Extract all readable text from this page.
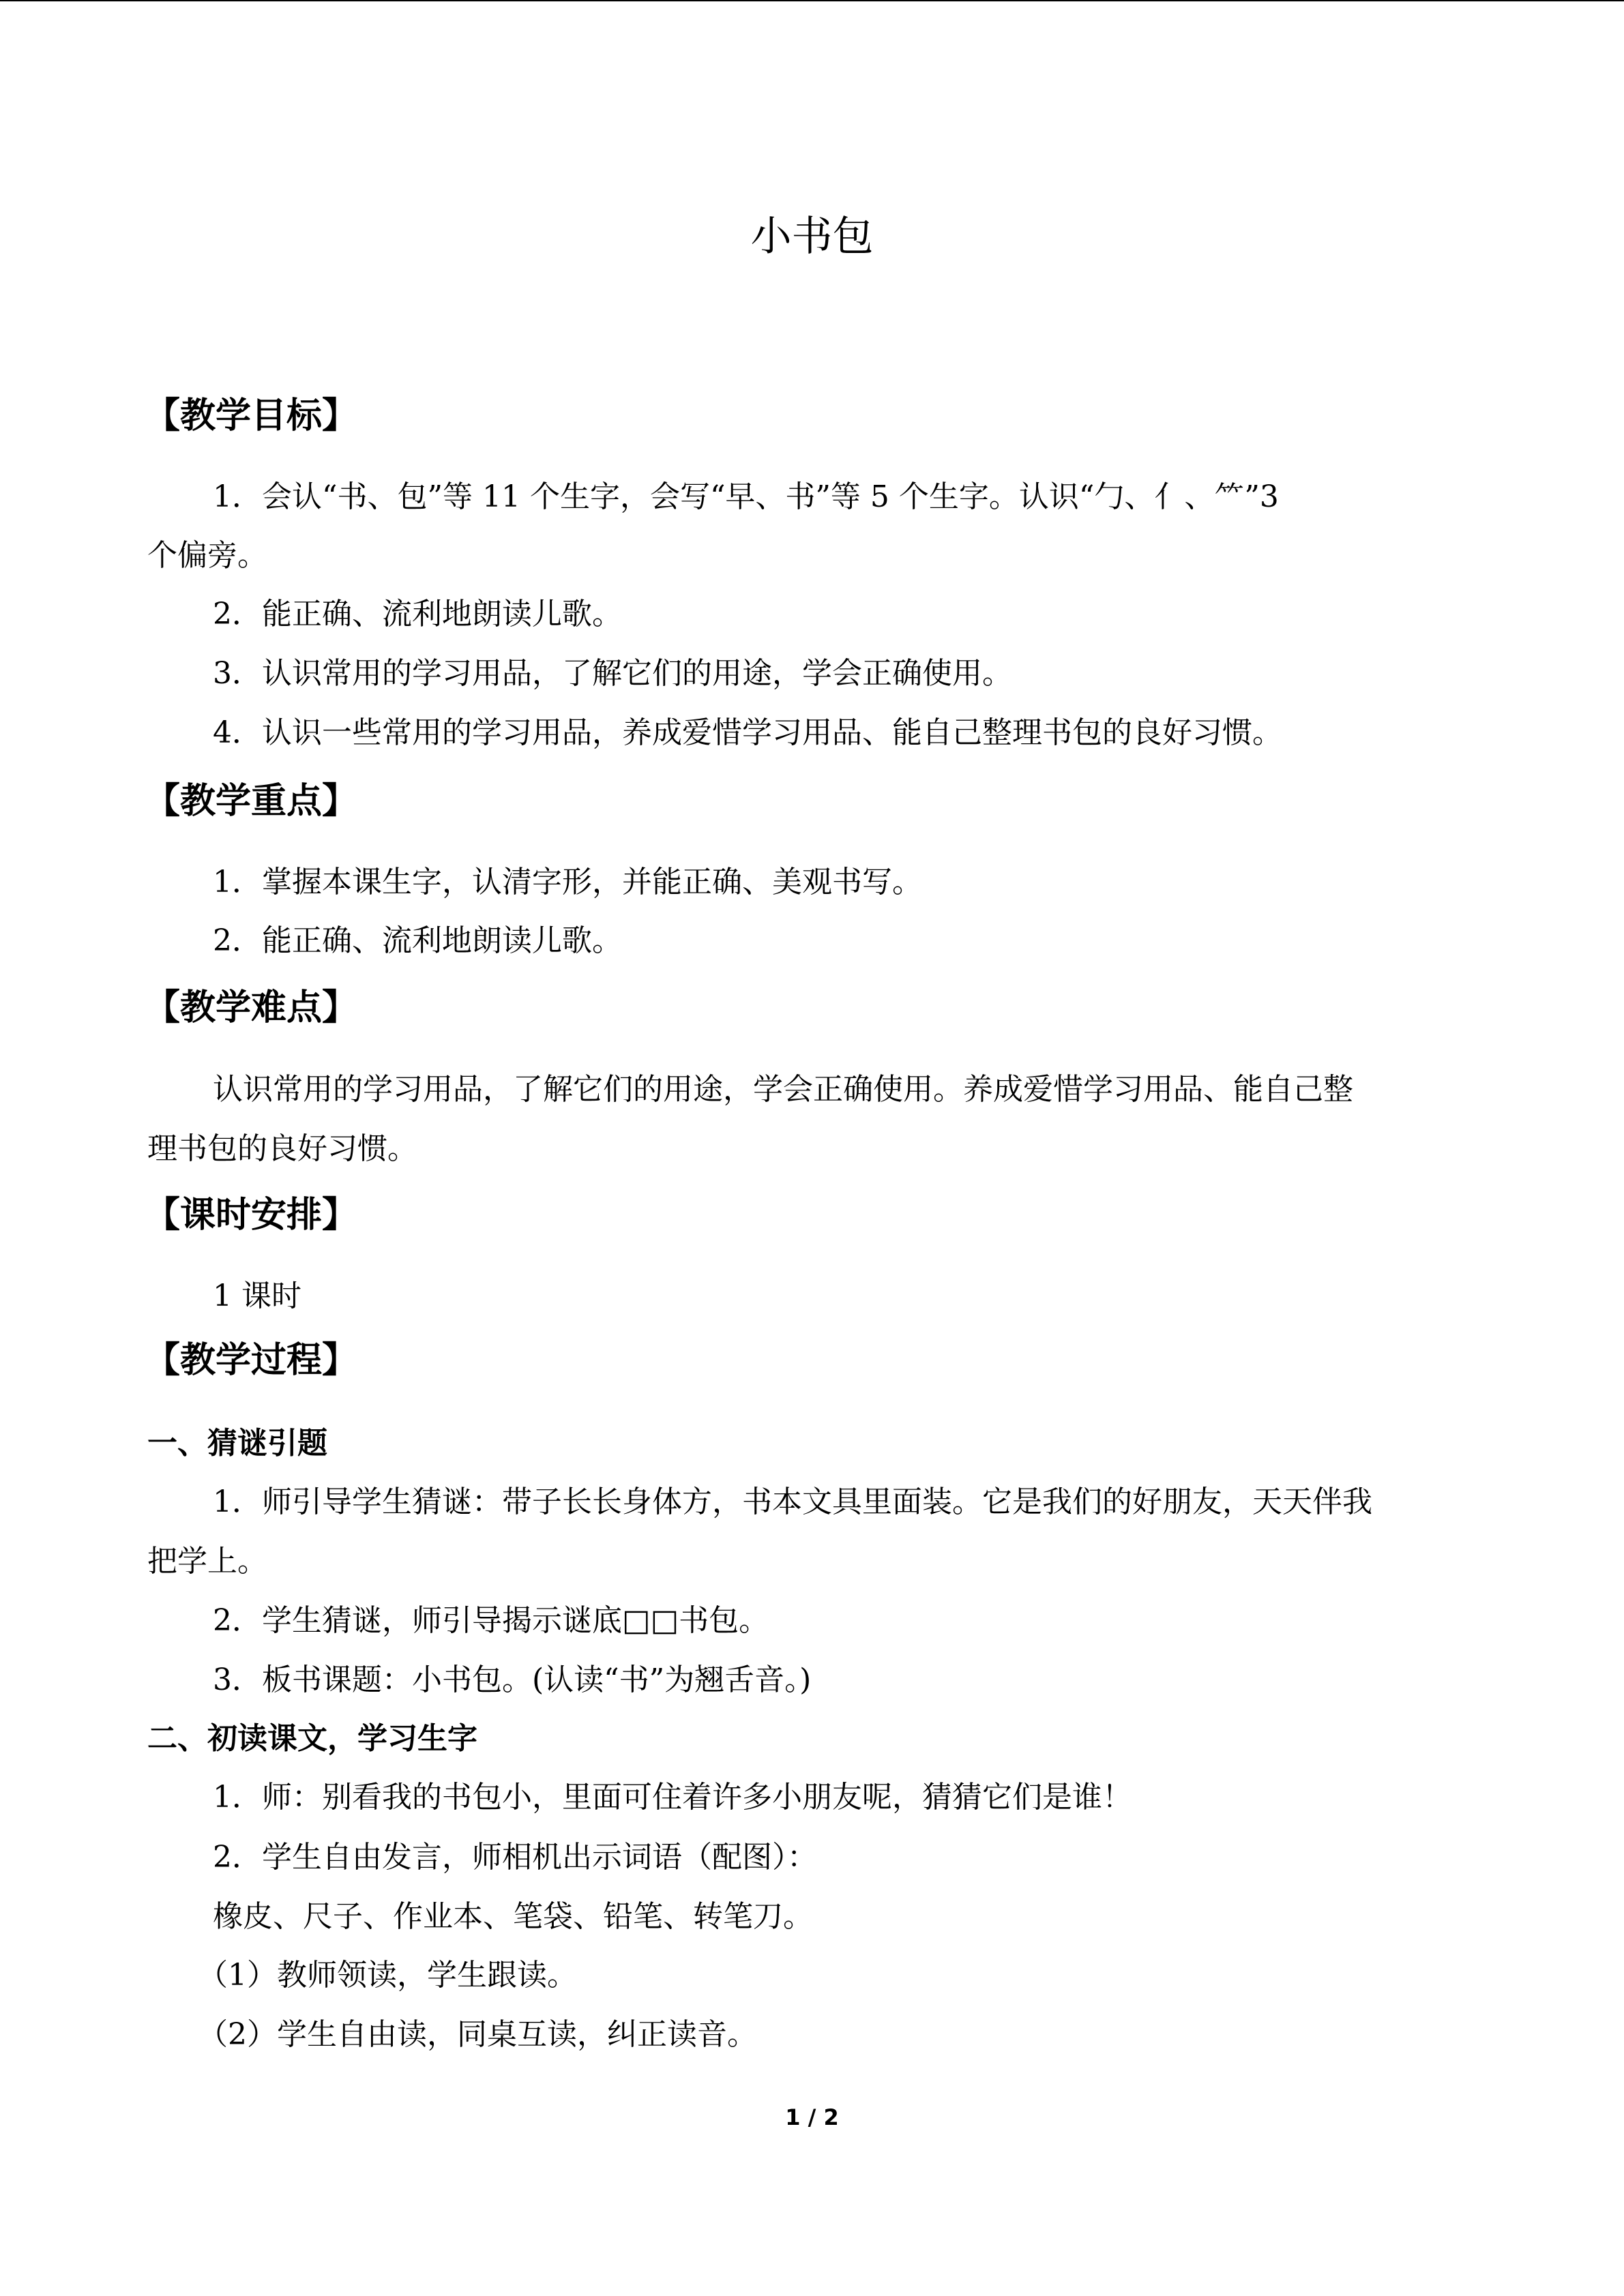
小书包
【教学目标】

1．会认“书、包”等 11 个生字，会写“早、书”等 5 个生字。认识“勹、亻、⺮”3

个偏旁。

2．能正确、流利地朗读儿歌。

3．认识常用的学习用品，了解它们的用途，学会正确使用。

4．认识一些常用的学习用品，养成爱惜学习用品、能自己整理书包的良好习惯。

【教学重点】

1．掌握本课生字，认清字形，并能正确、美观书写。

2．能正确、流利地朗读儿歌。

【教学难点】

认识常用的学习用品，了解它们的用途，学会正确使用。养成爱惜学习用品、能自己整

理书包的良好习惯。

【课时安排】

1 课时

【教学过程】
一、猜谜引题

1．师引导学生猜谜：带子长长身体方，书本文具里面装。它是我们的好朋友，天天伴我

把学上。

2．学生猜谜，师引导揭示谜底□□书包。

3．板书课题：小书包。(认读“书”为翘舌音。)

二、初读课文，学习生字

1．师：别看我的书包小，里面可住着许多小朋友呢，猜猜它们是谁！

2．学生自由发言，师相机出示词语（配图）：

橡皮、尺子、作业本、笔袋、铅笔、转笔刀。

（1）教师领读，学生跟读。

（2）学生自由读，同桌互读，纠正读音。

1 / 2
